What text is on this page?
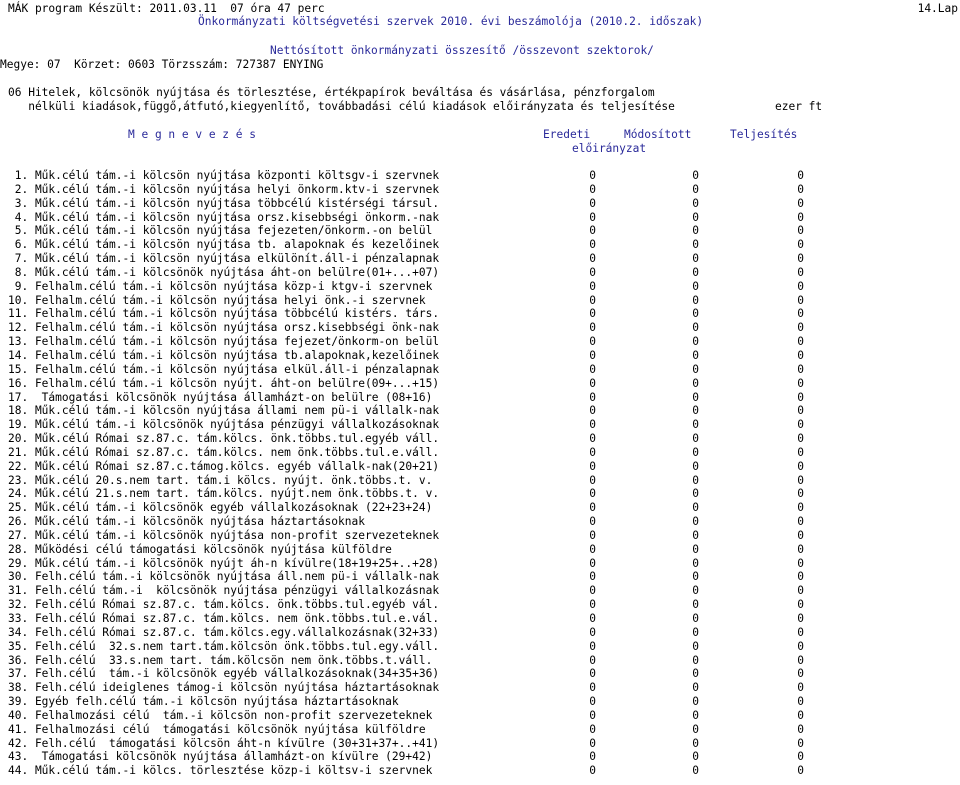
MÁK program Készült: 2011.03.11  07 óra 47 perc	14.Lap
Önkormányzati költségvetési szervek 2010. évi beszámolója (2010.2. időszak)
Nettósított önkormányzati összesítő /összevont szektorok/
Megye: 07  Körzet: 0603 Törzsszám: 727387 ENYING
06 Hitelek, kölcsönök nyújtása és törlesztése, értékpapírok beváltása és vásárlása, pénzforgalom
nélküli kiadások,függő,átfutó,kiegyenlítő, továbbadási célú kiadások előirányzata és teljesítése	ezer ft
M e g n e v e z é s	Eredeti	Módosított	Teljesítés
előirányzat
1. Műk.célú tám.-i kölcsön nyújtása központi költsgv-i szervnek	0	0	0
2. Műk.célú tám.-i kölcsön nyújtása helyi önkorm.ktv-i szervnek	0	0	0
3. Műk.célú tám.-i kölcsön nyújtása többcélú kistérségi társul.	0	0	0
4. Műk.célú tám.-i kölcsön nyújtása orsz.kisebbségi önkorm.-nak	0	0	0
5. Műk.célú tám.-i kölcsön nyújtása fejezeten/önkorm.-on belül	0	0	0
6. Műk.célú tám.-i kölcsön nyújtása tb. alapoknak és kezelőinek	0	0	0
7. Műk.célú tám.-i kölcsön nyújtása elkülönít.áll-i pénzalapnak	0	0	0
8. Műk.célú tám.-i kölcsönök nyújtása áht-on belülre(01+...+07)	0	0	0
9. Felhalm.célú tám.-i kölcsön nyújtása közp-i ktgv-i szervnek	0	0	0
10. Felhalm.célú tám.-i kölcsön nyújtása helyi önk.-i szervnek	0	0	0
11. Felhalm.célú tám.-i kölcsön nyújtása többcélú kistérs. társ.	0	0	0
12. Felhalm.célú tám.-i kölcsön nyújtása orsz.kisebbségi önk-nak	0	0	0
13. Felhalm.célú tám.-i kölcsön nyújtása fejezet/önkorm-on belül	0	0	0
14. Felhalm.célú tám.-i kölcsön nyújtása tb.alapoknak,kezelőinek	0	0	0
15. Felhalm.célú tám.-i kölcsön nyújtása elkül.áll-i pénzalapnak	0	0	0
16. Felhalm.célú tám.-i kölcsön nyújt. áht-on belülre(09+...+15)	0	0	0
17.  Támogatási kölcsönök nyújtása államházt-on belülre (08+16)	0	0	0
18. Műk.célú tám.-i kölcsön nyújtása állami nem pü-i vállalk-nak	0	0	0
19. Műk.célú tám.-i kölcsönök nyújtása pénzügyi vállalkozásoknak	0	0	0
20. Műk.célú Római sz.87.c. tám.kölcs. önk.többs.tul.egyéb váll.	0	0	0
21. Műk.célú Római sz.87.c. tám.kölcs. nem önk.többs.tul.e.váll.	0	0	0
22. Műk.célú Római sz.87.c.támog.kölcs. egyéb vállalk-nak(20+21)	0	0	0
23. Műk.célú 20.s.nem tart. tám.i kölcs. nyújt. önk.többs.t. v.	0	0	0
24. Műk.célú 21.s.nem tart. tám.kölcs. nyújt.nem önk.többs.t. v.	0	0	0
25. Műk.célú tám.-i kölcsönök egyéb vállalkozásoknak (22+23+24)	0	0	0
26. Műk.célú tám.-i kölcsönök nyújtása háztartásoknak	0	0	0
27. Műk.célú tám.-i kölcsönök nyújtása non-profit szervezeteknek	0	0	0
28. Működési célú támogatási kölcsönök nyújtása külföldre	0	0	0
29. Műk.célú tám.-i kölcsönök nyújt áh-n kívülre(18+19+25+..+28)	0	0	0
30. Felh.célú tám.-i kölcsönök nyújtása áll.nem pü-i vállalk-nak	0	0	0
31. Felh.célú tám.-i  kölcsönök nyújtása pénzügyi vállalkozásnak	0	0	0
32. Felh.célú Római sz.87.c. tám.kölcs. önk.többs.tul.egyéb vál.	0	0	0
33. Felh.célú Római sz.87.c. tám.kölcs. nem önk.többs.tul.e.vál.	0	0	0
34. Felh.célú Római sz.87.c. tám.kölcs.egy.vállalkozásnak(32+33)	0	0	0
35. Felh.célú  32.s.nem tart.tám.kölcsön önk.többs.tul.egy.váll.	0	0	0
36. Felh.célú  33.s.nem tart. tám.kölcsön nem önk.többs.t.váll.	0	0	0
37. Felh.célú  tám.-i kölcsönök egyéb vállalkozásoknak(34+35+36)	0	0	0
38. Felh.célú ideiglenes támog-i kölcsön nyújtása háztartásoknak	0	0	0
39. Egyéb felh.célú tám.-i kölcsön nyújtása háztartásoknak	0	0	0
40. Felhalmozási célú  tám.-i kölcsön non-profit szervezeteknek	0	0	0
41. Felhalmozási célú  támogatási kölcsönök nyújtása külföldre	0	0	0
42. Felh.célú  támogatási kölcsön áht-n kívülre (30+31+37+..+41)	0	0	0
43.  Támogatási kölcsönök nyújtása államházt-on kívülre (29+42)	0	0	0
44. Műk.célú tám.-i kölcs. törlesztése közp-i költsv-i szervnek	0	0	0
